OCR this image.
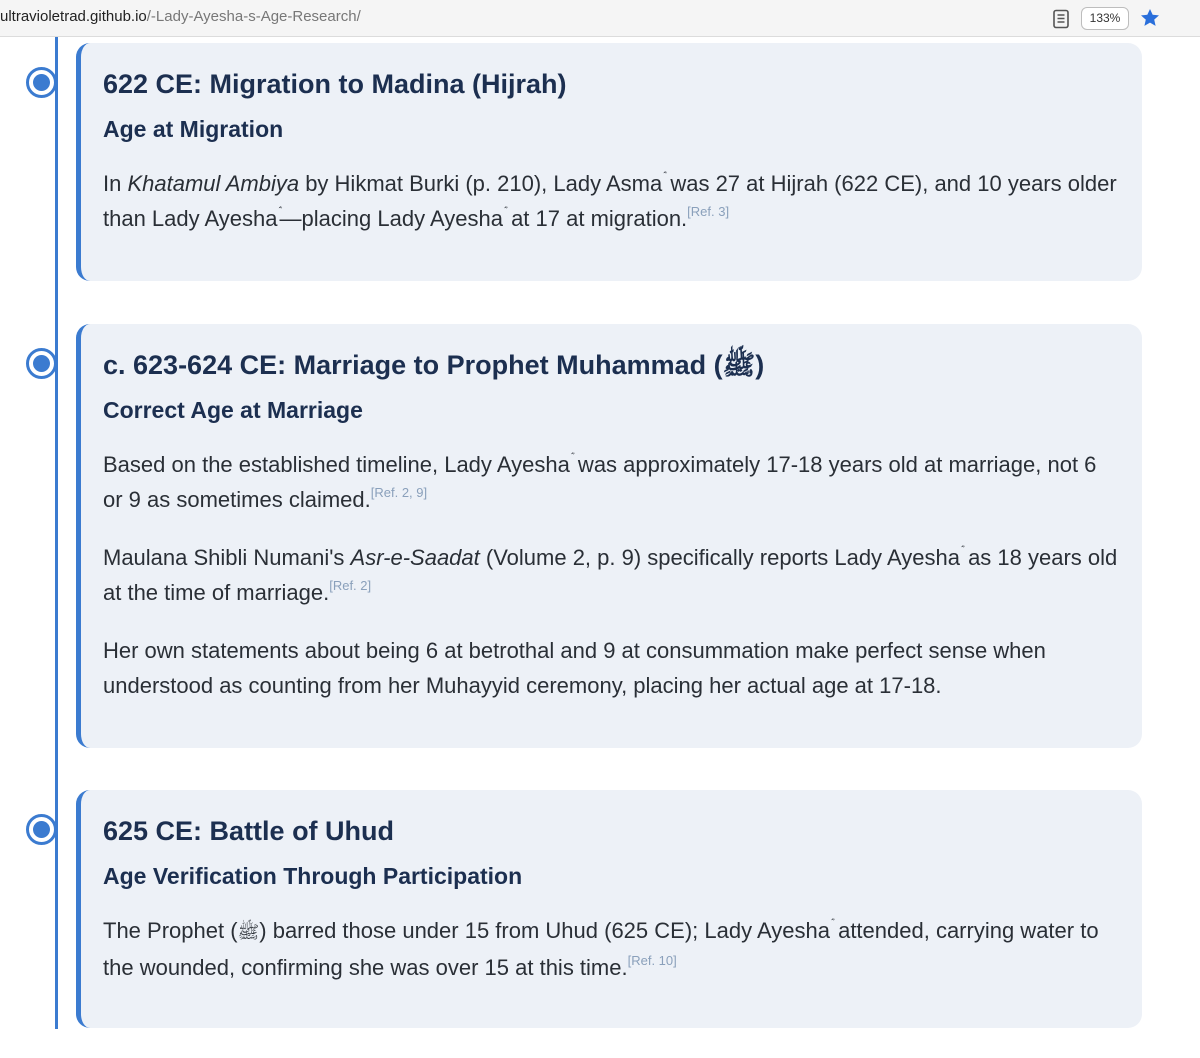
ultravioletrad.github.io/-Lady-Ayesha-s-Age-Research/	133%
622 CE: Migration to Madina (Hijrah)
Age at Migration

In Khatamul Ambiya by Hikmat Burki (p. 210), Lady Asma was 27 at Hijrah (622 CE), and 10 years older than Lady Ayesha—placing Lady Ayesha at 17 at migration.[Ref. 3]

c. 623-624 CE: Marriage to Prophet Muhammad (ﷺ)
Correct Age at Marriage

Based on the established timeline, Lady Ayesha was approximately 17-18 years old at marriage, not 6 or 9 as sometimes claimed.[Ref. 2, 9]

Maulana Shibli Numani's Asr-e-Saadat (Volume 2, p. 9) specifically reports Lady Ayesha as 18 years old at the time of marriage.[Ref. 2]

Her own statements about being 6 at betrothal and 9 at consummation make perfect sense when understood as counting from her Muhayyid ceremony, placing her actual age at 17-18.

625 CE: Battle of Uhud
Age Verification Through Participation

The Prophet (ﷺ) barred those under 15 from Uhud (625 CE); Lady Ayesha attended, carrying water to the wounded, confirming she was over 15 at this time.[Ref. 10]
